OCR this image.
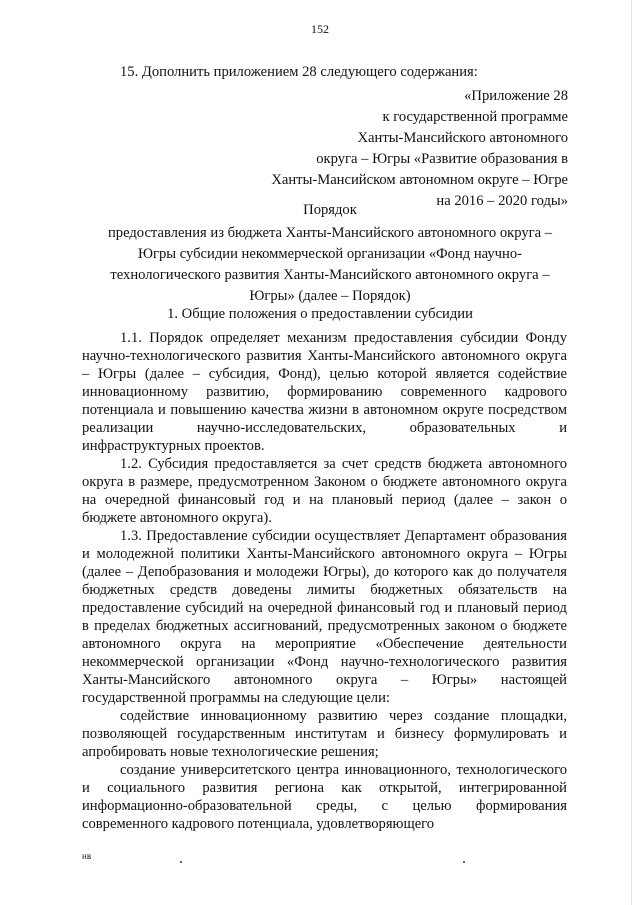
152
15. Дополнить приложением 28 следующего содержания:
«Приложение 28
к государственной программе
Ханты-Мансийского автономного
округа – Югры «Развитие образования в
Ханты-Мансийском автономном округе – Югре
на 2016 – 2020 годы»
Порядок
предоставления из бюджета Ханты-Мансийского автономного округа –
Югры субсидии некоммерческой организации «Фонд научно-
технологического развития Ханты-Мансийского автономного округа –
Югры» (далее – Порядок)
1. Общие положения о предоставлении субсидии

1.1. Порядок определяет механизм предоставления субсидии Фонду научно-технологического развития Ханты-Мансийского автономного округа – Югры (далее – субсидия, Фонд), целью которой является содействие инновационному развитию, формированию современного кадрового потенциала и повышению качества жизни в автономном округе посредством реализации научно-исследовательских, образовательных и инфраструктурных проектов.

1.2. Субсидия предоставляется за счет средств бюджета автономного округа в размере, предусмотренном Законом о бюджете автономного округа на очередной финансовый год и на плановый период (далее – закон о бюджете автономного округа).

1.3. Предоставление субсидии осуществляет Департамент образования и молодежной политики Ханты-Мансийского автономного округа – Югры (далее – Депобразования и молодежи Югры), до которого как до получателя бюджетных средств доведены лимиты бюджетных обязательств на предоставление субсидий на очередной финансовый год и плановый период в пределах бюджетных ассигнований, предусмотренных законом о бюджете автономного округа на мероприятие «Обеспечение деятельности некоммерческой организации «Фонд научно-технологического развития Ханты-Мансийского автономного округа – Югры» настоящей государственной программы на следующие цели:

содействие инновационному развитию через создание площадки, позволяющей государственным институтам и бизнесу формулировать и апробировать новые технологические решения;

создание университетского центра инновационного, технологического и социального развития региона как открытой, интегрированной информационно-образовательной среды, с целью формирования современного кадрового потенциала, удовлетворяющего

нв
